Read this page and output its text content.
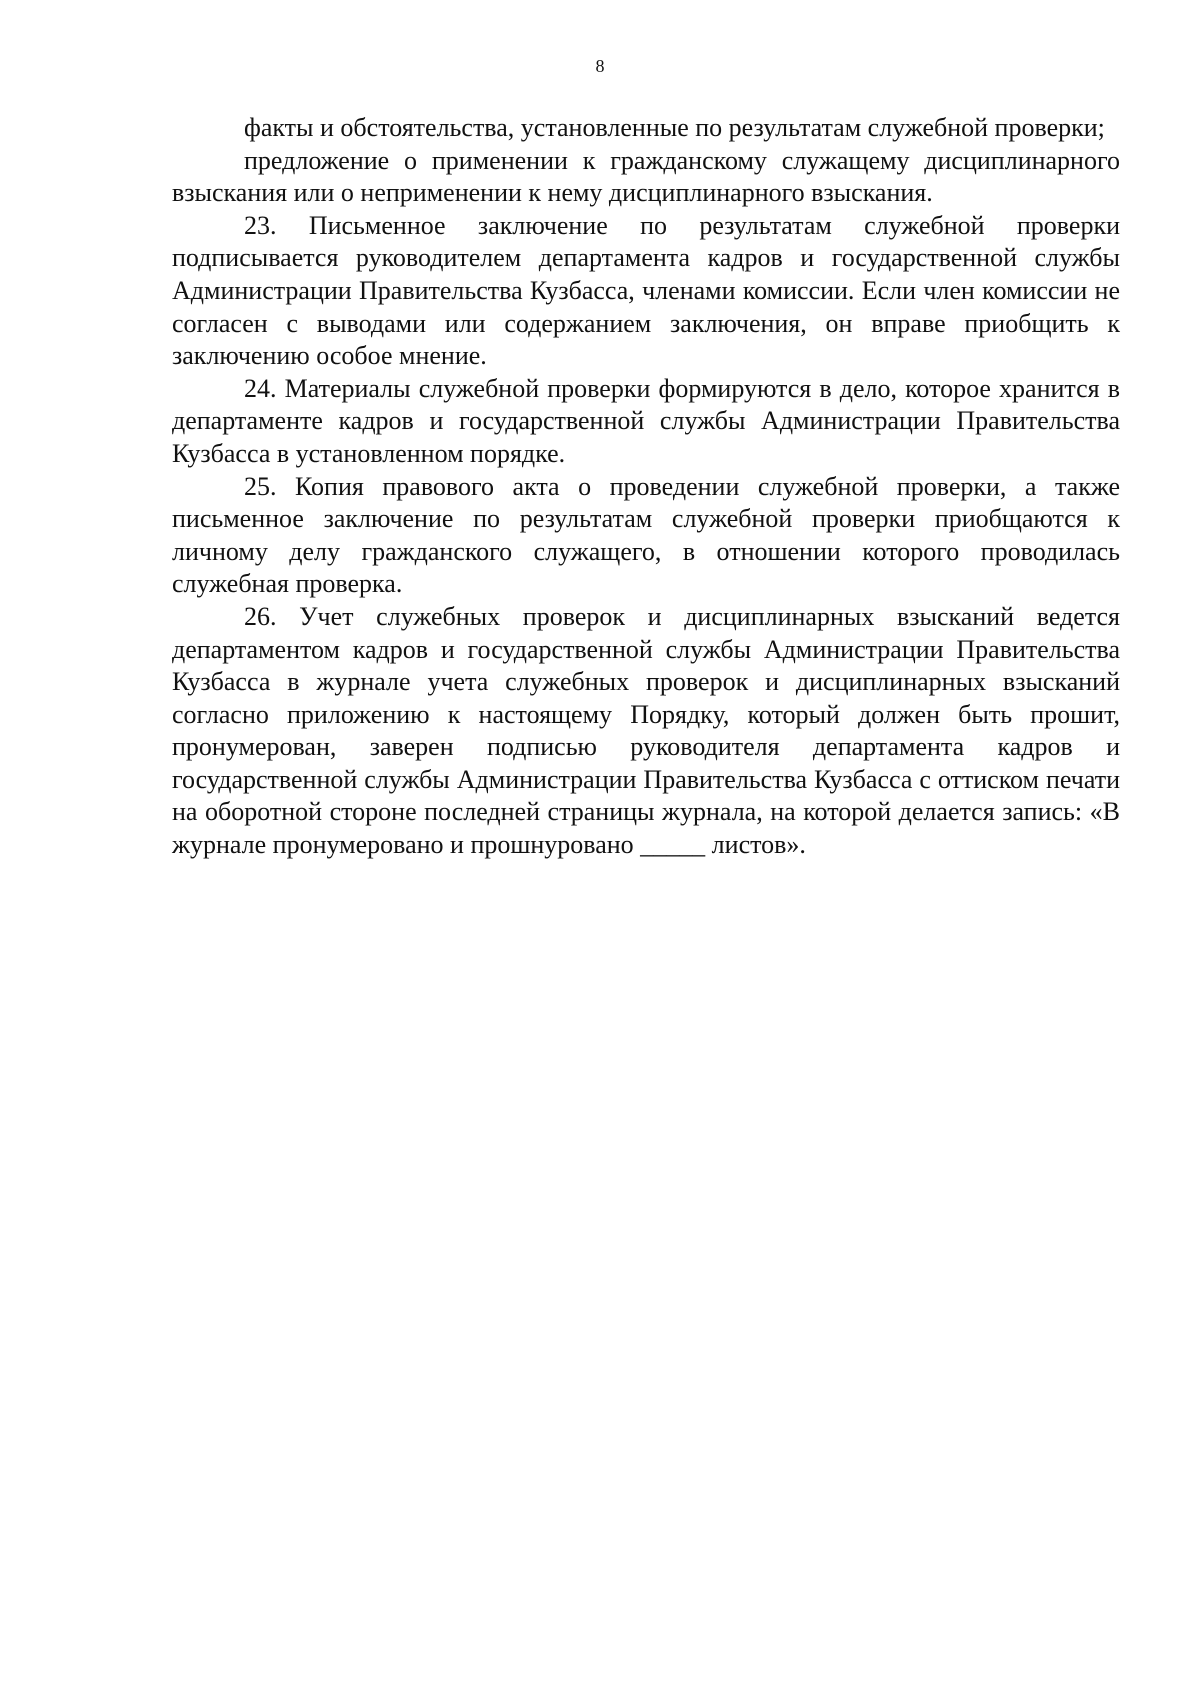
8

факты и обстоятельства, установленные по результатам служебной проверки;

предложение о применении к гражданскому служащему дисциплинарного взыскания или о неприменении к нему дисциплинарного взыскания.

23. Письменное заключение по результатам служебной проверки подписывается руководителем департамента кадров и государственной службы Администрации Правительства Кузбасса, членами комиссии. Если член комиссии не согласен с выводами или содержанием заключения, он вправе приобщить к заключению особое мнение.

24. Материалы служебной проверки формируются в дело, которое хранится в департаменте кадров и государственной службы Администрации Правительства Кузбасса в установленном порядке.

25. Копия правового акта о проведении служебной проверки, а также письменное заключение по результатам служебной проверки приобщаются к личному делу гражданского служащего, в отношении которого проводилась служебная проверка.

26. Учет служебных проверок и дисциплинарных взысканий ведется департаментом кадров и государственной службы Администрации Правительства Кузбасса в журнале учета служебных проверок и дисциплинарных взысканий согласно приложению к настоящему Порядку, который должен быть прошит, пронумерован, заверен подписью руководителя департамента кадров и государственной службы Администрации Правительства Кузбасса с оттиском печати на оборотной стороне последней страницы журнала, на которой делается запись: «В журнале пронумеровано и прошнуровано _____ листов».
